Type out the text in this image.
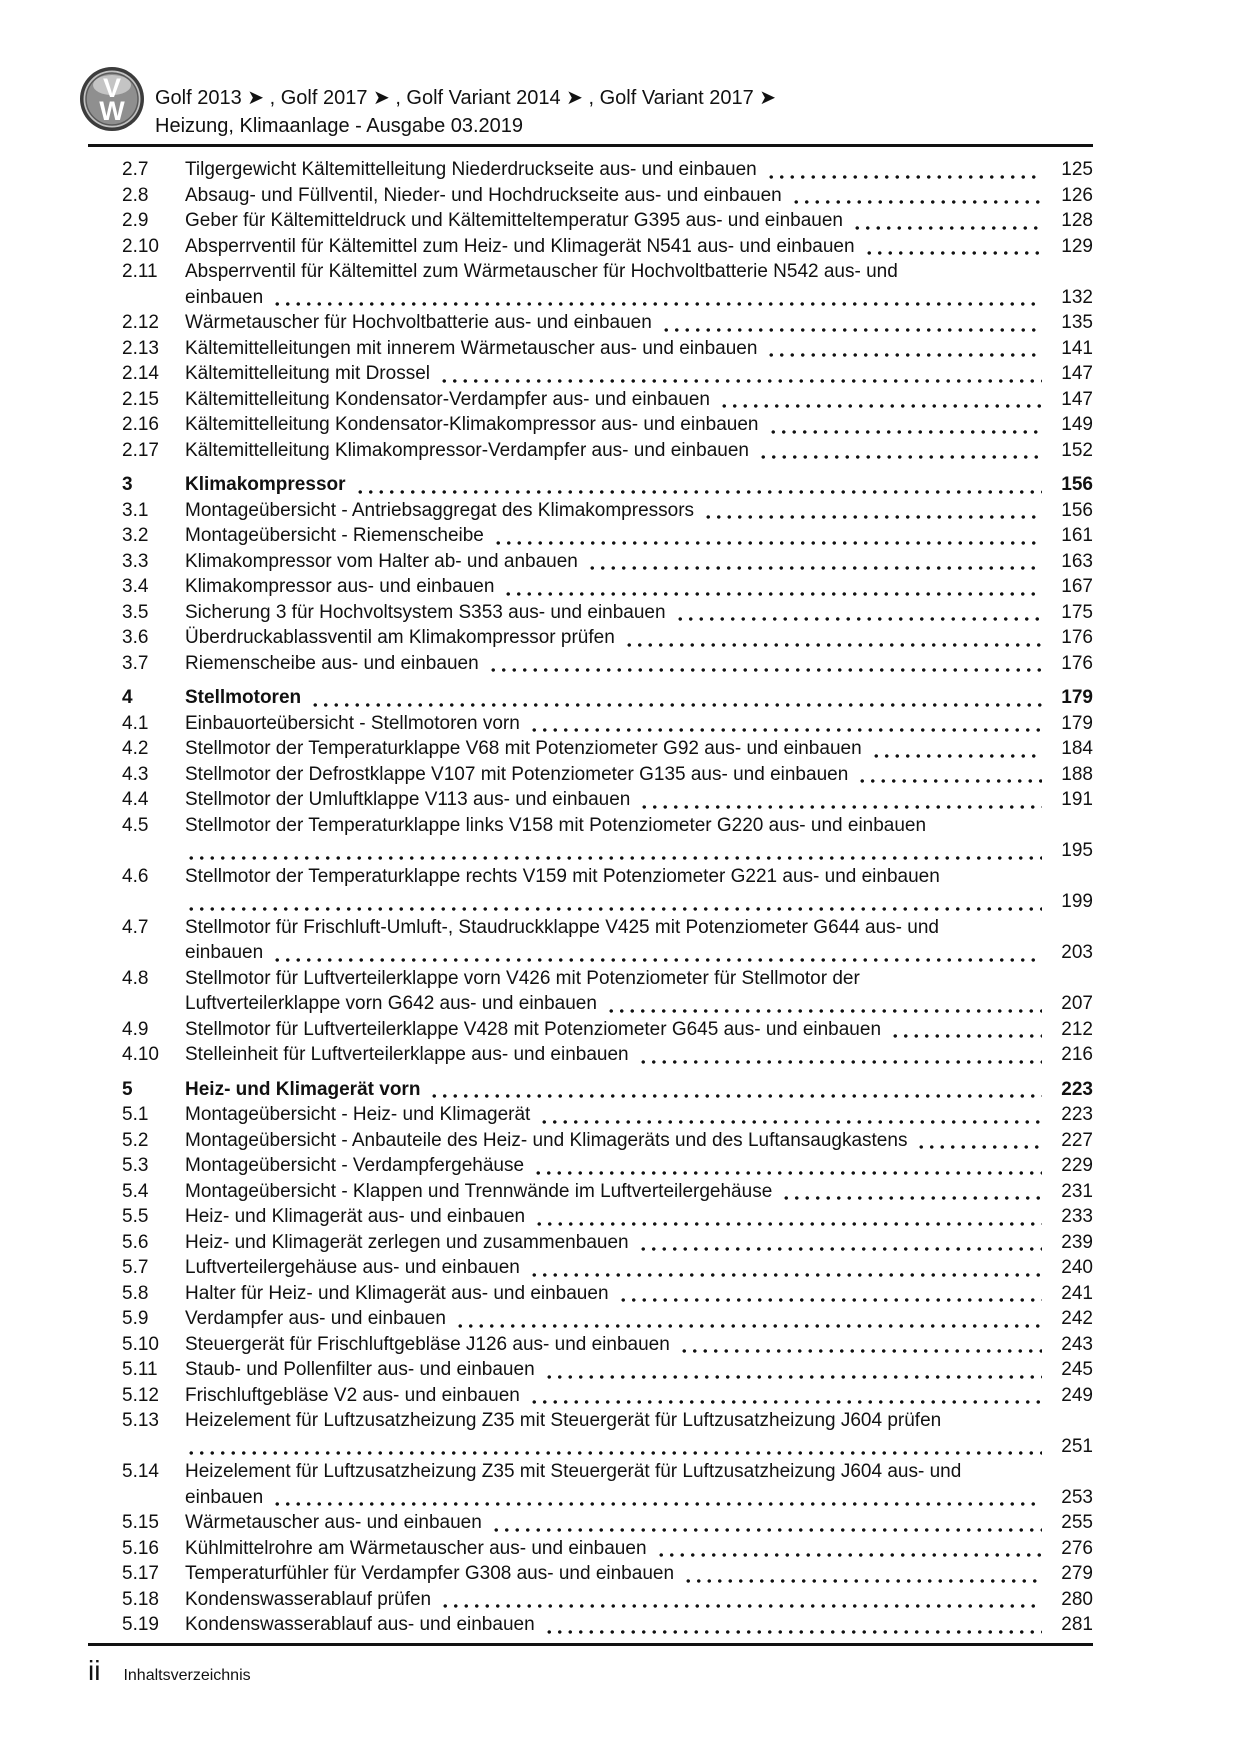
V
W Golf 2013 ➤ , Golf 2017 ➤ , Golf Variant 2014 ➤ , Golf Variant 2017 ➤
Heizung, Klimaanlage - Ausgabe 03.2019
2.7	Tilgergewicht Kältemittelleitung Niederdruckseite aus- und einbauen	125
2.8	Absaug- und Füllventil, Nieder- und Hochdruckseite aus- und einbauen	126
2.9	Geber für Kältemitteldruck und Kältemitteltemperatur G395 aus- und einbauen	128
2.10	Absperrventil für Kältemittel zum Heiz- und Klimagerät N541 aus- und einbauen	129
2.11	Absperrventil für Kältemittel zum Wärmetauscher für Hochvoltbatterie N542 aus- und
einbauen	132
2.12	Wärmetauscher für Hochvoltbatterie aus- und einbauen	135
2.13	Kältemittelleitungen mit innerem Wärmetauscher aus- und einbauen	141
2.14	Kältemittelleitung mit Drossel	147
2.15	Kältemittelleitung Kondensator-Verdampfer aus- und einbauen	147
2.16	Kältemittelleitung Kondensator-Klimakompressor aus- und einbauen	149
2.17	Kältemittelleitung Klimakompressor-Verdampfer aus- und einbauen	152
3	Klimakompressor	156
3.1	Montageübersicht - Antriebsaggregat des Klimakompressors	156
3.2	Montageübersicht - Riemenscheibe	161
3.3	Klimakompressor vom Halter ab- und anbauen	163
3.4	Klimakompressor aus- und einbauen	167
3.5	Sicherung 3 für Hochvoltsystem S353 aus- und einbauen	175
3.6	Überdruckablassventil am Klimakompressor prüfen	176
3.7	Riemenscheibe aus- und einbauen	176
4	Stellmotoren	179
4.1	Einbauorteübersicht - Stellmotoren vorn	179
4.2	Stellmotor der Temperaturklappe V68 mit Potenziometer G92 aus- und einbauen	184
4.3	Stellmotor der Defrostklappe V107 mit Potenziometer G135 aus- und einbauen	188
4.4	Stellmotor der Umluftklappe V113 aus- und einbauen	191
4.5	Stellmotor der Temperaturklappe links V158 mit Potenziometer G220 aus- und einbauen
195
4.6	Stellmotor der Temperaturklappe rechts V159 mit Potenziometer G221 aus- und einbauen
199
4.7	Stellmotor für Frischluft-Umluft-, Staudruckklappe V425 mit Potenziometer G644 aus- und
einbauen	203
4.8	Stellmotor für Luftverteilerklappe vorn V426 mit Potenziometer für Stellmotor der
Luftverteilerklappe vorn G642 aus- und einbauen	207
4.9	Stellmotor für Luftverteilerklappe V428 mit Potenziometer G645 aus- und einbauen	212
4.10	Stelleinheit für Luftverteilerklappe aus- und einbauen	216
5	Heiz- und Klimagerät vorn	223
5.1	Montageübersicht - Heiz- und Klimagerät	223
5.2	Montageübersicht - Anbauteile des Heiz- und Klimageräts und des Luftansaugkastens	227
5.3	Montageübersicht - Verdampfergehäuse	229
5.4	Montageübersicht - Klappen und Trennwände im Luftverteilergehäuse	231
5.5	Heiz- und Klimagerät aus- und einbauen	233
5.6	Heiz- und Klimagerät zerlegen und zusammenbauen	239
5.7	Luftverteilergehäuse aus- und einbauen	240
5.8	Halter für Heiz- und Klimagerät aus- und einbauen	241
5.9	Verdampfer aus- und einbauen	242
5.10	Steuergerät für Frischluftgebläse J126 aus- und einbauen	243
5.11	Staub- und Pollenfilter aus- und einbauen	245
5.12	Frischluftgebläse V2 aus- und einbauen	249
5.13	Heizelement für Luftzusatzheizung Z35 mit Steuergerät für Luftzusatzheizung J604 prüfen
251
5.14	Heizelement für Luftzusatzheizung Z35 mit Steuergerät für Luftzusatzheizung J604 aus- und
einbauen	253
5.15	Wärmetauscher aus- und einbauen	255
5.16	Kühlmittelrohre am Wärmetauscher aus- und einbauen	276
5.17	Temperaturfühler für Verdampfer G308 aus- und einbauen	279
5.18	Kondenswasserablauf prüfen	280
5.19	Kondenswasserablauf aus- und einbauen	281
ii Inhaltsverzeichnis
